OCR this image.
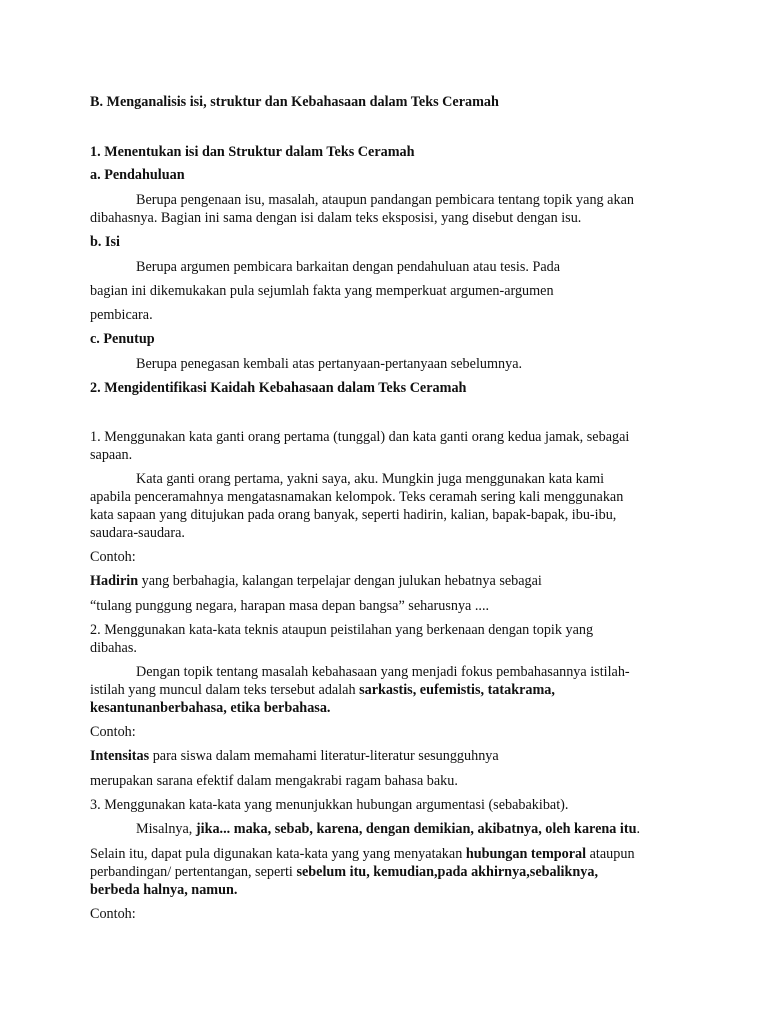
B. Menganalisis isi, struktur dan Kebahasaan dalam Teks Ceramah
1. Menentukan isi dan Struktur dalam Teks Ceramah
a. Pendahuluan
Berupa pengenaan isu, masalah, ataupun pandangan pembicara tentang topik yang akan
dibahasnya. Bagian ini sama dengan isi dalam teks eksposisi, yang disebut dengan isu.
b. Isi
Berupa argumen pembicara barkaitan dengan pendahuluan atau tesis. Pada
bagian ini dikemukakan pula sejumlah fakta yang memperkuat argumen-argumen
pembicara.
c. Penutup
Berupa penegasan kembali atas pertanyaan-pertanyaan sebelumnya.
2. Mengidentifikasi Kaidah Kebahasaan dalam Teks Ceramah
1. Menggunakan kata ganti orang pertama (tunggal) dan kata ganti orang kedua jamak, sebagai
sapaan.
Kata ganti orang pertama, yakni saya, aku. Mungkin juga menggunakan kata kami
apabila penceramahnya mengatasnamakan kelompok. Teks ceramah sering kali menggunakan
kata sapaan yang ditujukan pada orang banyak, seperti hadirin, kalian, bapak-bapak, ibu-ibu,
saudara-saudara.
Contoh:
Hadirin yang berbahagia, kalangan terpelajar dengan julukan hebatnya sebagai
“tulang punggung negara, harapan masa depan bangsa” seharusnya ....
2. Menggunakan kata-kata teknis ataupun peistilahan yang berkenaan dengan topik yang
dibahas.
Dengan topik tentang masalah kebahasaan yang menjadi fokus pembahasannya istilah-
istilah yang muncul dalam teks tersebut adalah sarkastis, eufemistis, tatakrama,
kesantunanberbahasa, etika berbahasa.
Contoh:
Intensitas para siswa dalam memahami literatur-literatur sesungguhnya
merupakan sarana efektif dalam mengakrabi ragam bahasa baku.
3. Menggunakan kata-kata yang menunjukkan hubungan argumentasi (sebabakibat).
Misalnya, jika... maka, sebab, karena, dengan demikian, akibatnya, oleh karena itu.
Selain itu, dapat pula digunakan kata-kata yang yang menyatakan hubungan temporal ataupun
perbandingan/ pertentangan, seperti sebelum itu, kemudian,pada akhirnya,sebaliknya,
berbeda halnya, namun.
Contoh:
